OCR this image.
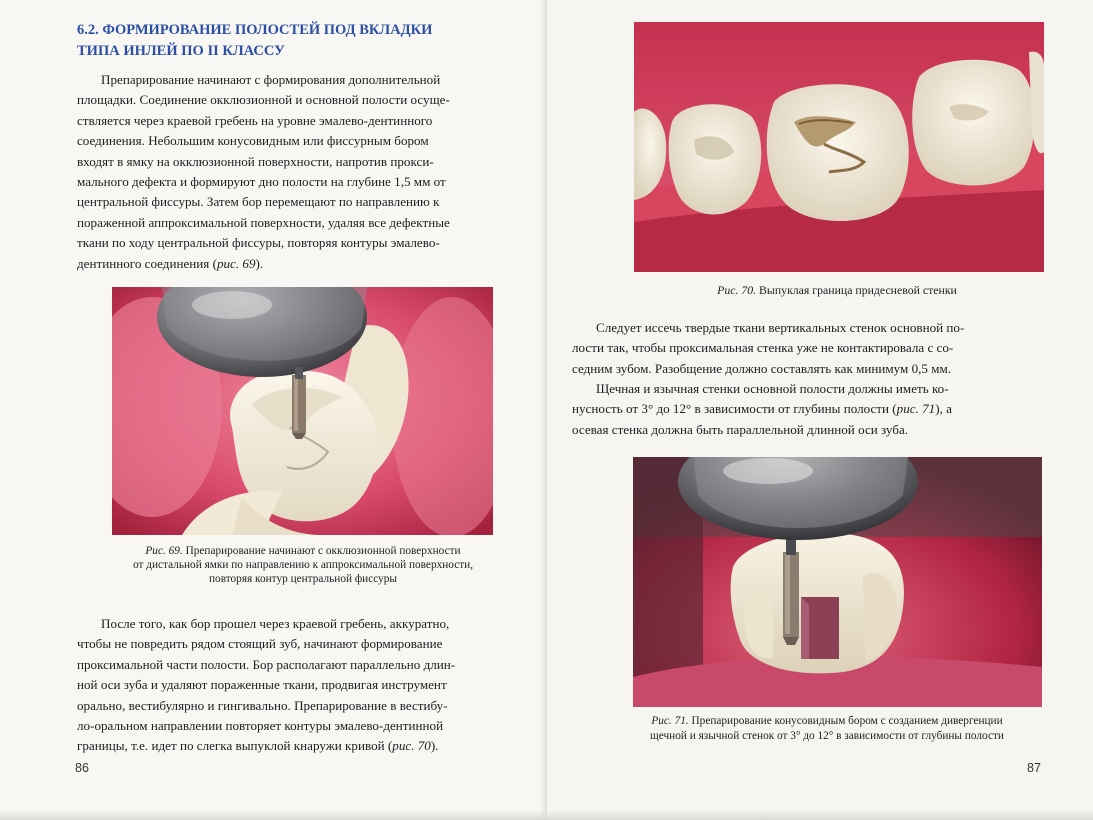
6.2. ФОРМИРОВАНИЕ ПОЛОСТЕЙ ПОД ВКЛАДКИ
ТИПА ИНЛЕЙ ПО II КЛАССУ

Препарирование начинают с формирования дополнительной
площадки. Соединение окклюзионной и основной полости осуще-
ствляется через краевой гребень на уровне эмалево-дентинного
соединения. Небольшим конусовидным или фиссурным бором
входят в ямку на окклюзионной поверхности, напротив прокси-
мального дефекта и формируют дно полости на глубине 1,5 мм от
центральной фиссуры. Затем бор перемещают по направлению к
пораженной аппроксимальной поверхности, удаляя все дефектные
ткани по ходу центральной фиссуры, повторяя контуры эмалево-
дентинного соединения (рис. 69).

Рис. 69. Препарирование начинают с окклюзионной поверхности
от дистальной ямки по направлению к аппроксимальной поверхности,
повторяя контур центральной фиссуры

После того, как бор прошел через краевой гребень, аккуратно,
чтобы не повредить рядом стоящий зуб, начинают формирование
проксимальной части полости. Бор располагают параллельно длин-
ной оси зуба и удаляют пораженные ткани, продвигая инструмент
орально, вестибулярно и гингивально. Препарирование в вестибу-
ло-оральном направлении повторяет контуры эмалево-дентинной
границы, т.е. идет по слегка выпуклой кнаружи кривой (рис. 70).

86

Рис. 70. Выпуклая граница придесневой стенки

Следует иссечь твердые ткани вертикальных стенок основной по-
лости так, чтобы проксимальная стенка уже не контактировала с со-
седним зубом. Разобщение должно составлять как минимум 0,5 мм.

Щечная и язычная стенки основной полости должны иметь ко-
нусность от 3° до 12° в зависимости от глубины полости (рис. 71), а
осевая стенка должна быть параллельной длинной оси зуба.

Рис. 71. Препарирование конусовидным бором с созданием дивергенции
щечной и язычной стенок от 3° до 12° в зависимости от глубины полости

87
